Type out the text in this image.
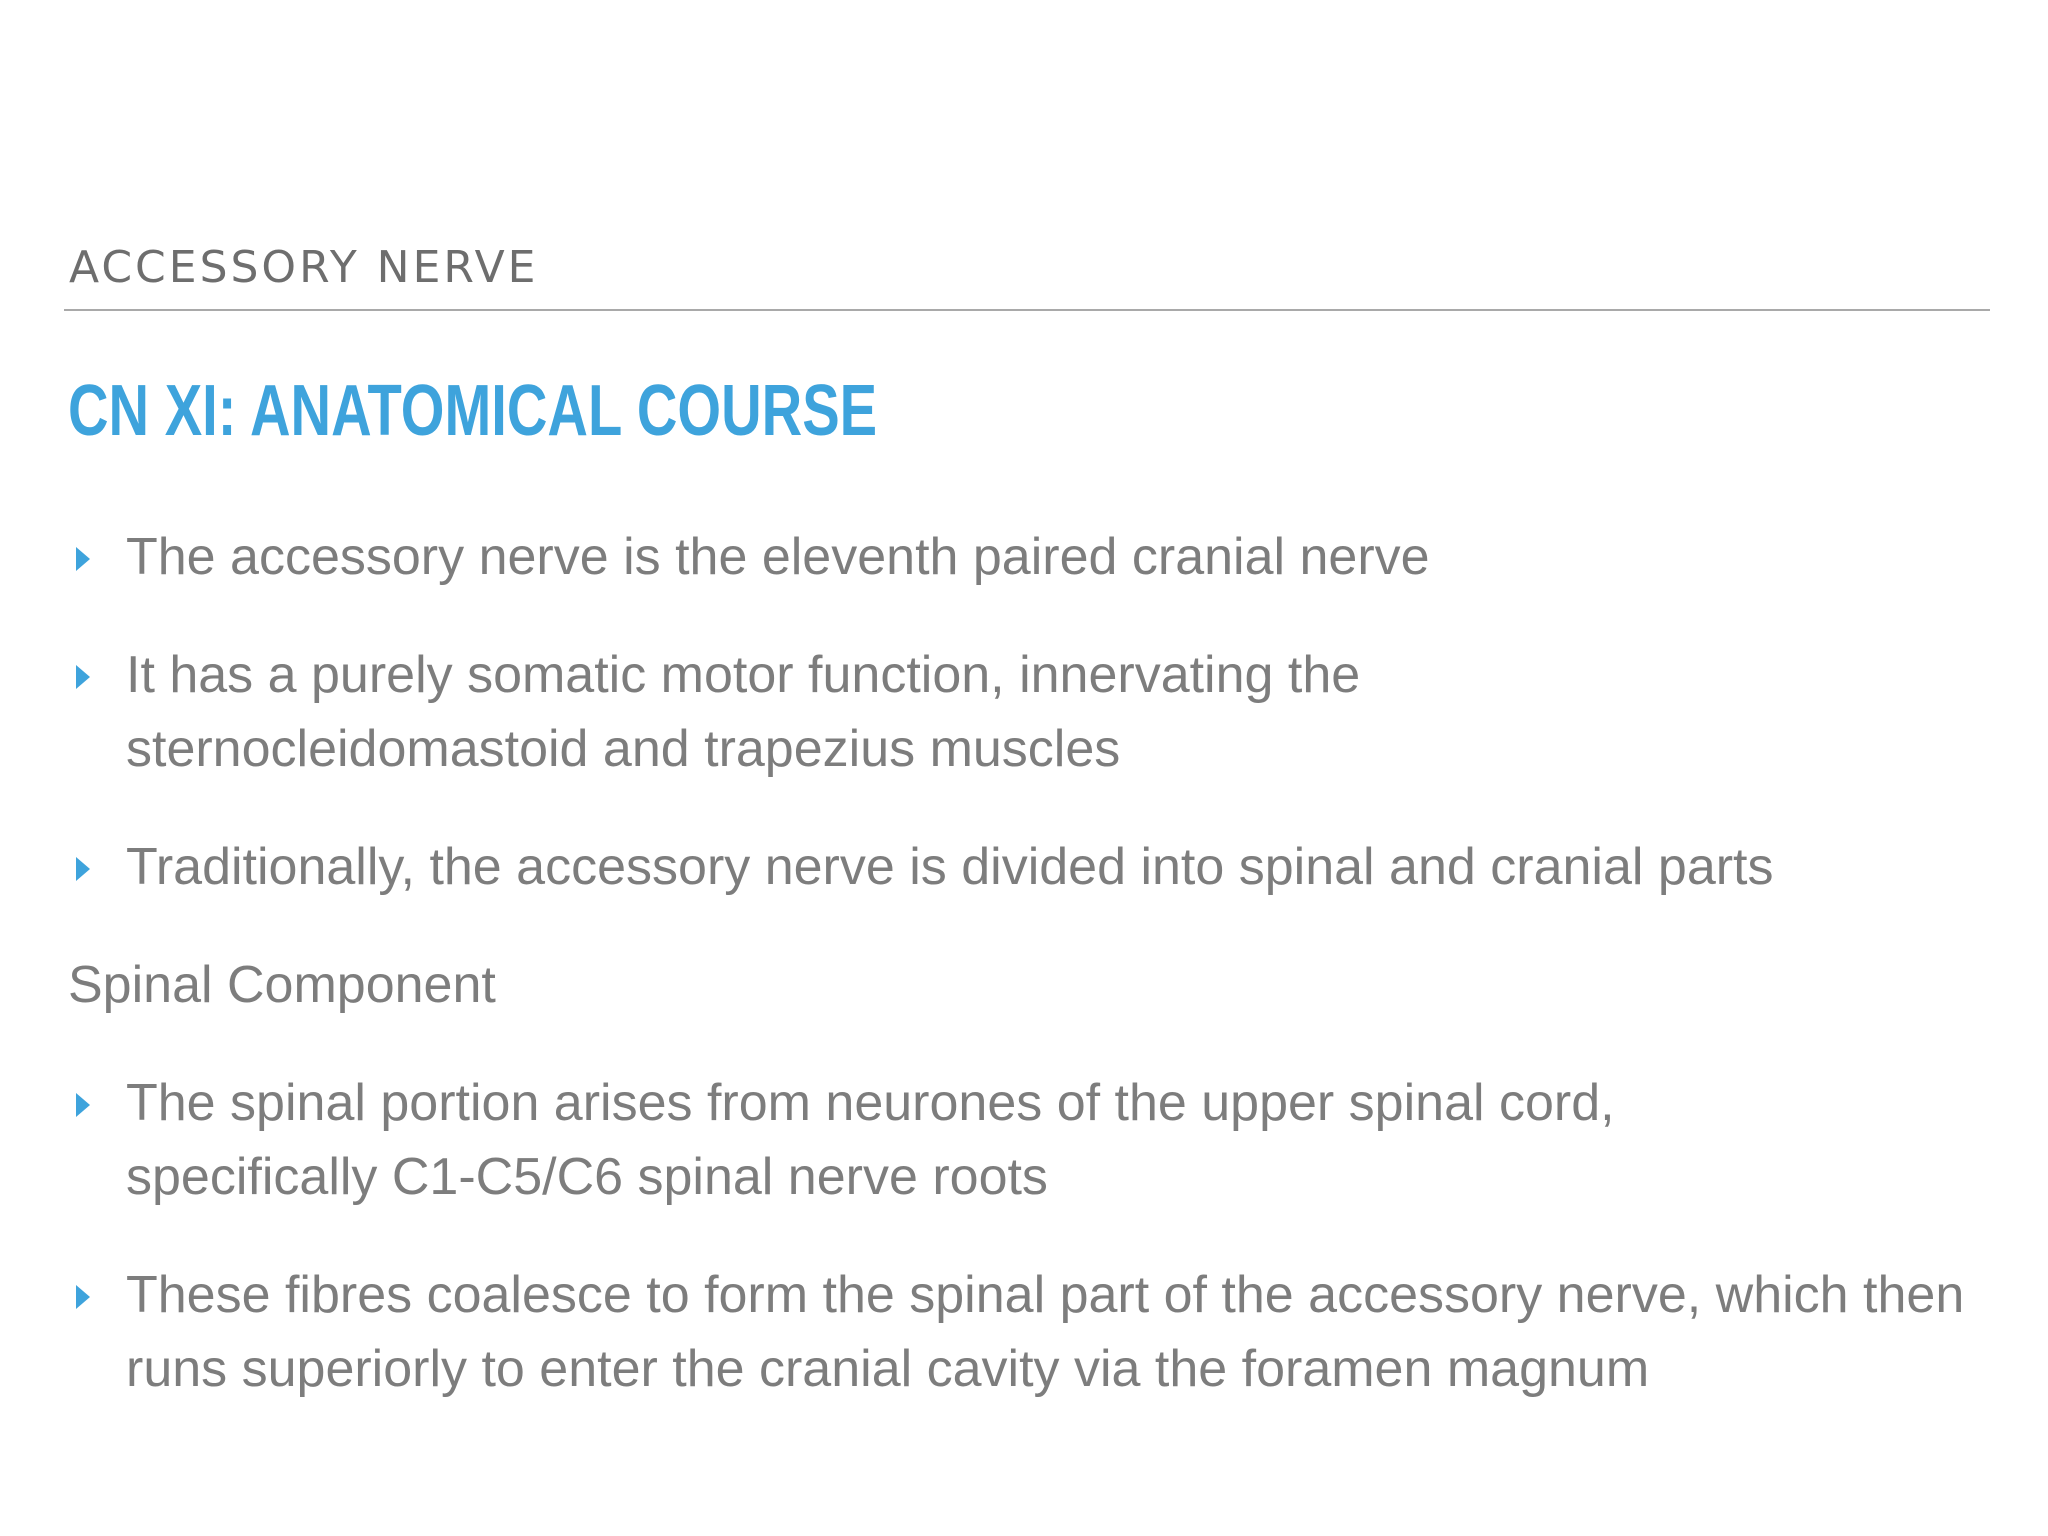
ACCESSORY NERVE
CN XI: ANATOMICAL COURSE
The accessory nerve is the eleventh paired cranial nerve
It has a purely somatic motor function, innervating the sternocleidomastoid and trapezius muscles
Traditionally, the accessory nerve is divided into spinal and cranial parts
Spinal Component
The spinal portion arises from neurones of the upper spinal cord, specifically C1-C5/C6 spinal nerve roots
These fibres coalesce to form the spinal part of the accessory nerve, which then runs superiorly to enter the cranial cavity via the foramen magnum
